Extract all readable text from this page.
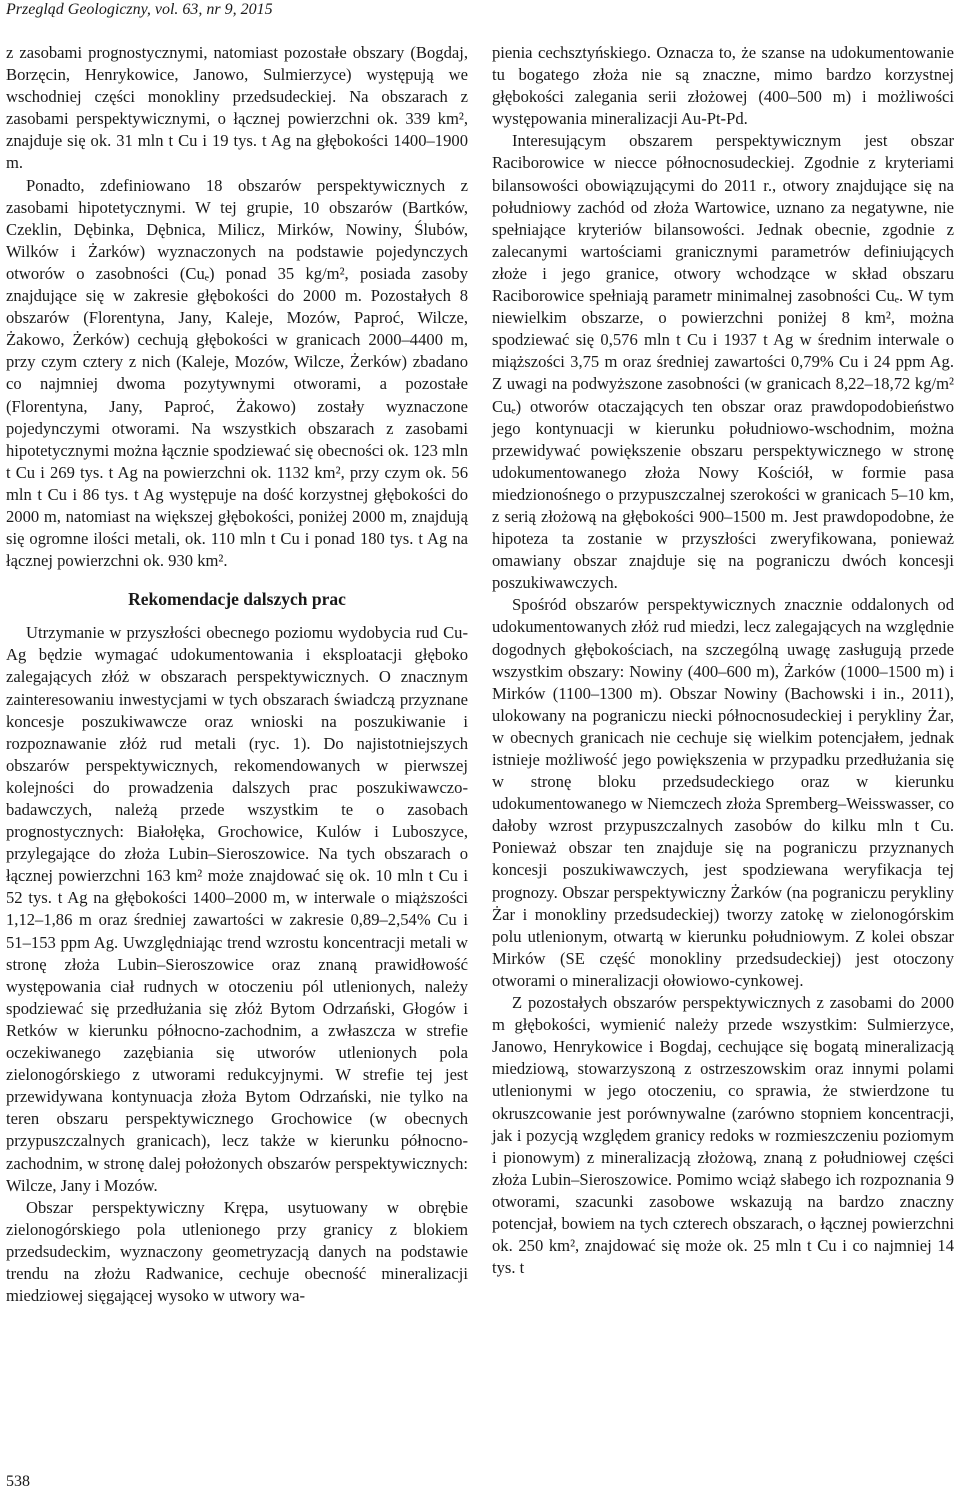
Przegląd Geologiczny, vol. 63, nr 9, 2015

z zasobami prognostycznymi, natomiast pozostałe obszary (Bogdaj, Borzęcin, Henrykowice, Janowo, Sulmierzyce) występują we wschodniej części monokliny przedsudeckiej. Na obszarach z zasobami perspektywicznymi, o łącznej powierzchni ok. 339 km², znajduje się ok. 31 mln t Cu i 19 tys. t Ag na głębokości 1400–1900 m.

Ponadto, zdefiniowano 18 obszarów perspektywicznych z zasobami hipotetycznymi. W tej grupie, 10 obszarów (Bartków, Czeklin, Dębinka, Dębnica, Milicz, Mirków, Nowiny, Ślubów, Wilków i Żarków) wyznaczonych na podstawie pojedynczych otworów o zasobności (Cuₑ) ponad 35 kg/m², posiada zasoby znajdujące się w zakresie głębokości do 2000 m. Pozostałych 8 obszarów (Florentyna, Jany, Kaleje, Mozów, Paproć, Wilcze, Żakowo, Żerków) cechują głębokości w granicach 2000–4400 m, przy czym cztery z nich (Kaleje, Mozów, Wilcze, Żerków) zbadano co najmniej dwoma pozytywnymi otworami, a pozostałe (Florentyna, Jany, Paproć, Żakowo) zostały wyznaczone pojedynczymi otworami. Na wszystkich obszarach z zasobami hipotetycznymi można łącznie spodziewać się obecności ok. 123 mln t Cu i 269 tys. t Ag na powierzchni ok. 1132 km², przy czym ok. 56 mln t Cu i 86 tys. t Ag występuje na dość korzystnej głębokości do 2000 m, natomiast na większej głębokości, poniżej 2000 m, znajdują się ogromne ilości metali, ok. 110 mln t Cu i ponad 180 tys. t Ag na łącznej powierzchni ok. 930 km².

Rekomendacje dalszych prac

Utrzymanie w przyszłości obecnego poziomu wydobycia rud Cu-Ag będzie wymagać udokumentowania i eksploatacji głęboko zalegających złóż w obszarach perspektywicznych. O znacznym zainteresowaniu inwestycjami w tych obszarach świadczą przyznane koncesje poszukiwawcze oraz wnioski na poszukiwanie i rozpoznawanie złóż rud metali (ryc. 1). Do najistotniejszych obszarów perspektywicznych, rekomendowanych w pierwszej kolejności do prowadzenia dalszych prac poszukiwawczo-badawczych, należą przede wszystkim te o zasobach prognostycznych: Białołęka, Grochowice, Kulów i Luboszyce, przylegające do złoża Lubin–Sieroszowice. Na tych obszarach o łącznej powierzchni 163 km² może znajdować się ok. 10 mln t Cu i 52 tys. t Ag na głębokości 1400–2000 m, w interwale o miąższości 1,12–1,86 m oraz średniej zawartości w zakresie 0,89–2,54% Cu i 51–153 ppm Ag. Uwzględniając trend wzrostu koncentracji metali w stronę złoża Lubin–Sieroszowice oraz znaną prawidłowość występowania ciał rudnych w otoczeniu pól utlenionych, należy spodziewać się przedłużania się złóż Bytom Odrzański, Głogów i Retków w kierunku północno-zachodnim, a zwłaszcza w strefie oczekiwanego zazębiania się utworów utlenionych pola zielonogórskiego z utworami redukcyjnymi. W strefie tej jest przewidywana kontynuacja złoża Bytom Odrzański, nie tylko na teren obszaru perspektywicznego Grochowice (w obecnych przypuszczalnych granicach), lecz także w kierunku północno-zachodnim, w stronę dalej położonych obszarów perspektywicznych: Wilcze, Jany i Mozów.

Obszar perspektywiczny Krępa, usytuowany w obrębie zielonogórskiego pola utlenionego przy granicy z blokiem przedsudeckim, wyznaczony geometryzacją danych na podstawie trendu na złożu Radwanice, cechuje obecność mineralizacji miedziowej sięgającej wysoko w utwory wa-

pienia cechsztyńskiego. Oznacza to, że szanse na udokumentowanie tu bogatego złoża nie są znaczne, mimo bardzo korzystnej głębokości zalegania serii złożowej (400–500 m) i możliwości występowania mineralizacji Au-Pt-Pd.

Interesującym obszarem perspektywicznym jest obszar Raciborowice w niecce północnosudeckiej. Zgodnie z kryteriami bilansowości obowiązującymi do 2011 r., otwory znajdujące się na południowy zachód od złoża Wartowice, uznano za negatywne, nie spełniające kryteriów bilansowości. Jednak obecnie, zgodnie z zalecanymi wartościami granicznymi parametrów definiujących złoże i jego granice, otwory wchodzące w skład obszaru Raciborowice spełniają parametr minimalnej zasobności Cuₑ. W tym niewielkim obszarze, o powierzchni poniżej 8 km², można spodziewać się 0,576 mln t Cu i 1937 t Ag w średnim interwale o miąższości 3,75 m oraz średniej zawartości 0,79% Cu i 24 ppm Ag. Z uwagi na podwyższone zasobności (w granicach 8,22–18,72 kg/m² Cuₑ) otworów otaczających ten obszar oraz prawdopodobieństwo jego kontynuacji w kierunku południowo-wschodnim, można przewidywać powiększenie obszaru perspektywicznego w stronę udokumentowanego złoża Nowy Kościół, w formie pasa miedzionośnego o przypuszczalnej szerokości w granicach 5–10 km, z serią złożową na głębokości 900–1500 m. Jest prawdopodobne, że hipoteza ta zostanie w przyszłości zweryfikowana, ponieważ omawiany obszar znajduje się na pograniczu dwóch koncesji poszukiwawczych.

Spośród obszarów perspektywicznych znacznie oddalonych od udokumentowanych złóż rud miedzi, lecz zalegających na względnie dogodnych głębokościach, na szczególną uwagę zasługują przede wszystkim obszary: Nowiny (400–600 m), Żarków (1000–1500 m) i Mirków (1100–1300 m). Obszar Nowiny (Bachowski i in., 2011), ulokowany na pograniczu niecki północnosudeckiej i perykliny Żar, w obecnych granicach nie cechuje się wielkim potencjałem, jednak istnieje możliwość jego powiększenia w przypadku przedłużania się w stronę bloku przedsudeckiego oraz w kierunku udokumentowanego w Niemczech złoża Spremberg–Weisswasser, co dałoby wzrost przypuszczalnych zasobów do kilku mln t Cu. Ponieważ obszar ten znajduje się na pograniczu przyznanych koncesji poszukiwawczych, jest spodziewana weryfikacja tej prognozy. Obszar perspektywiczny Żarków (na pograniczu perykliny Żar i monokliny przedsudeckiej) tworzy zatokę w zielonogórskim polu utlenionym, otwartą w kierunku południowym. Z kolei obszar Mirków (SE część monokliny przedsudeckiej) jest otoczony otworami o mineralizacji ołowiowo-cynkowej.

Z pozostałych obszarów perspektywicznych z zasobami do 2000 m głębokości, wymienić należy przede wszystkim: Sulmierzyce, Janowo, Henrykowice i Bogdaj, cechujące się bogatą mineralizacją miedziową, stowarzyszoną z ostrzeszowskim oraz innymi polami utlenionymi w jego otoczeniu, co sprawia, że stwierdzone tu okruszcowanie jest porównywalne (zarówno stopniem koncentracji, jak i pozycją względem granicy redoks w rozmieszczeniu poziomym i pionowym) z mineralizacją złożową, znaną z południowej części złoża Lubin–Sieroszowice. Pomimo wciąż słabego ich rozpoznania 9 otworami, szacunki zasobowe wskazują na bardzo znaczny potencjał, bowiem na tych czterech obszarach, o łącznej powierzchni ok. 250 km², znajdować się może ok. 25 mln t Cu i co najmniej 14 tys. t

538
